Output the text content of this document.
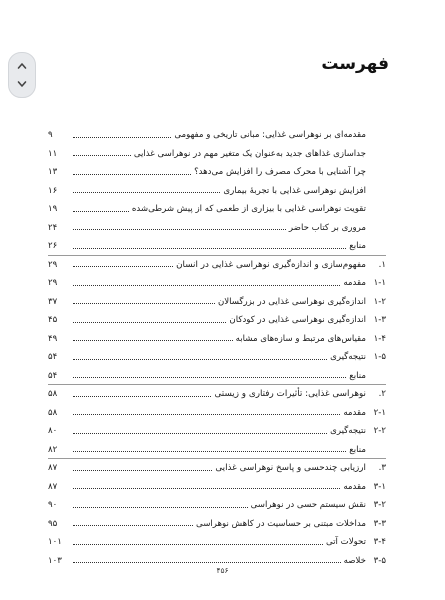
فهرست
مقدمه‌ای بر نوهراسی غذایی: مبانی تاریخی و مفهومی
۹
جداسازی غذاهای جدید به‌عنوان یک متغیر مهم در نوهراسی غذایی
۱۱
چرا آشنایی با محرک مصرف را افزایش می‌دهد؟
۱۳
افزایش نوهراسی غذایی با تجربهٔ بیماری
۱۶
تقویت نوهراسی غذایی با بیزاری از طعمی که از پیش شرطی‌شده
۱۹
مروری بر کتاب حاضر
۲۴
منابع
۲۶
۱.
مفهوم‌سازی و اندازه‌گیری نوهراسی غذایی در انسان
۲۹
۱-۱
مقدمه
۲۹
۱-۲
اندازه‌گیری نوهراسی غذایی در بزرگسالان
۳۷
۱-۳
اندازه‌گیری نوهراسی غذایی در کودکان
۴۵
۱-۴
مقیاس‌های مرتبط و سازه‌های مشابه
۴۹
۱-۵
نتیجه‌گیری
۵۴
منابع
۵۴
۲.
نوهراسی غذایی: تأثیرات رفتاری و زیستی
۵۸
۲-۱
مقدمه
۵۸
۲-۲
نتیجه‌گیری
۸۰
منابع
۸۲
۳.
ارزیابی چندحسی و پاسخ نوهراسی غذایی
۸۷
۳-۱
مقدمه
۸۷
۳-۲
نقش سیستم حسی در نوهراسی
۹۰
۳-۳
مداخلات مبتنی بر حساسیت در کاهش نوهراسی
۹۵
۳-۴
تحولات آتی
۱۰۱
۳-۵
خلاصه
۱۰۳
۴۵۶
